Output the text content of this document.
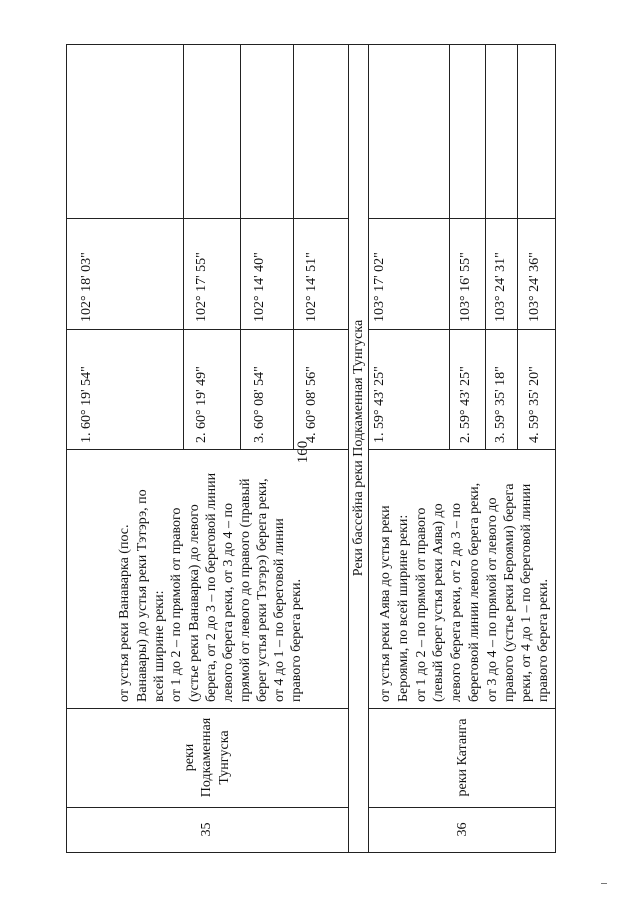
160
35
реки Подкаменная Тунгуска
от устья реки Ванаварка (пос. Ванавары) до устья реки Тэтэрэ, по всей ширине реки: от 1 до 2 – по прямой от правого (устье реки Ванаварка) до левого берега, от 2 до 3 – по береговой линии левого берега реки, от 3 до 4 – по прямой от левого до правого (правый берег устья реки Тэтэрэ) берега реки, от 4 до 1 – по береговой линии правого берега реки.
1. 60° 19' 54"
102° 18' 03"
2. 60° 19' 49"
102° 17' 55"
3. 60° 08' 54"
102° 14' 40"
4. 60° 08' 56"
102° 14' 51"
Реки бассейна реки Подкаменная Тунгуска
36
реки Катанга
от устья реки Аява до устья реки Бероями, по всей ширине реки: от 1 до 2 – по прямой от правого (левый берег устья реки Аява) до левого берега реки, от 2 до 3 – по береговой линии левого берега реки, от 3 до 4 – по прямой от левого до правого (устье реки Бероями) берега реки, от 4 до 1 – по береговой линии правого берега реки.
1. 59° 43' 25"
103° 17' 02"
2. 59° 43' 25"
103° 16' 55"
3. 59° 35' 18"
103° 24' 31"
4. 59° 35' 20"
103° 24' 36"
